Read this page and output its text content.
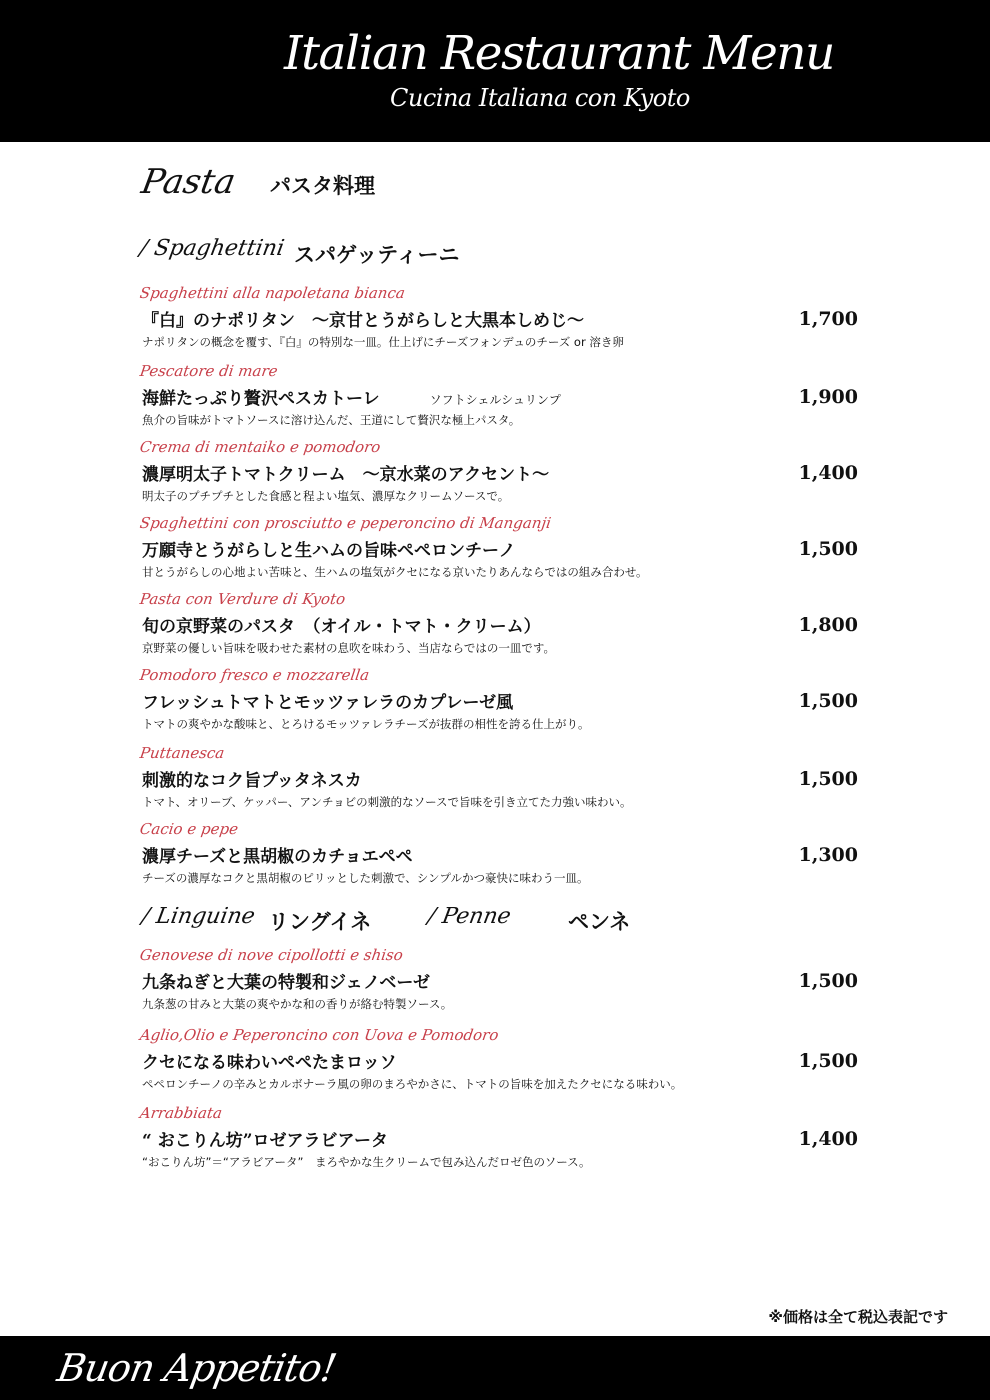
Italian Restaurant Menu
Cucina Italiana con Kyoto
Pasta パスタ料理
/ Spaghettini スパゲッティーニ
Spaghettini alla napoletana bianca
『白』のナポリタン　～京甘とうがらしと大黒本しめじ～	1,700
ナポリタンの概念を覆す、『白』の特別な一皿。仕上げにチーズフォンデュのチーズ or 溶き卵
Pescatore di mare
海鮮たっぷり贅沢ペスカトーレ	ソフトシェルシュリンプ	1,900
魚介の旨味がトマトソースに溶け込んだ、王道にして贅沢な極上パスタ。
Crema di mentaiko e pomodoro
濃厚明太子トマトクリーム　～京水菜のアクセント～	1,400
明太子のプチプチとした食感と程よい塩気、濃厚なクリームソースで。
Spaghettini con prosciutto e peperoncino di Manganji
万願寺とうがらしと生ハムの旨味ペペロンチーノ	1,500
甘とうがらしの心地よい苦味と、生ハムの塩気がクセになる京いたりあんならではの組み合わせ。
Pasta con Verdure di Kyoto
旬の京野菜のパスタ　（オイル・トマト・クリーム）	1,800
京野菜の優しい旨味を吸わせた素材の息吹を味わう、当店ならではの一皿です。
Pomodoro fresco e mozzarella
フレッシュトマトとモッツァレラのカプレーゼ風	1,500
トマトの爽やかな酸味と、とろけるモッツァレラチーズが抜群の相性を誇る仕上がり。
Puttanesca
刺激的なコク旨プッタネスカ	1,500
トマト、オリーブ、ケッパー、アンチョビの刺激的なソースで旨味を引き立てた力強い味わい。
Cacio e pepe
濃厚チーズと黒胡椒のカチョエペペ	1,300
チーズの濃厚なコクと黒胡椒のピリッとした刺激で、シンプルかつ豪快に味わう一皿。
/ Linguine リングイネ / Penne	ペンネ
Genovese di nove cipollotti e shiso
九条ねぎと大葉の特製和ジェノベーゼ	1,500
九条葱の甘みと大葉の爽やかな和の香りが絡む特製ソース。
Aglio,Olio e Peperoncino con Uova e Pomodoro
クセになる味わいペペたまロッソ	1,500
ペペロンチーノの辛みとカルボナーラ風の卵のまろやかさに、トマトの旨味を加えたクセになる味わい。
Arrabbiata
“ おこりん坊”ロゼアラビアータ	1,400
“おこりん坊”＝“アラビアータ”　まろやかな生クリームで包み込んだロゼ色のソース。
※価格は全て税込表記です
Buon Appetito!
